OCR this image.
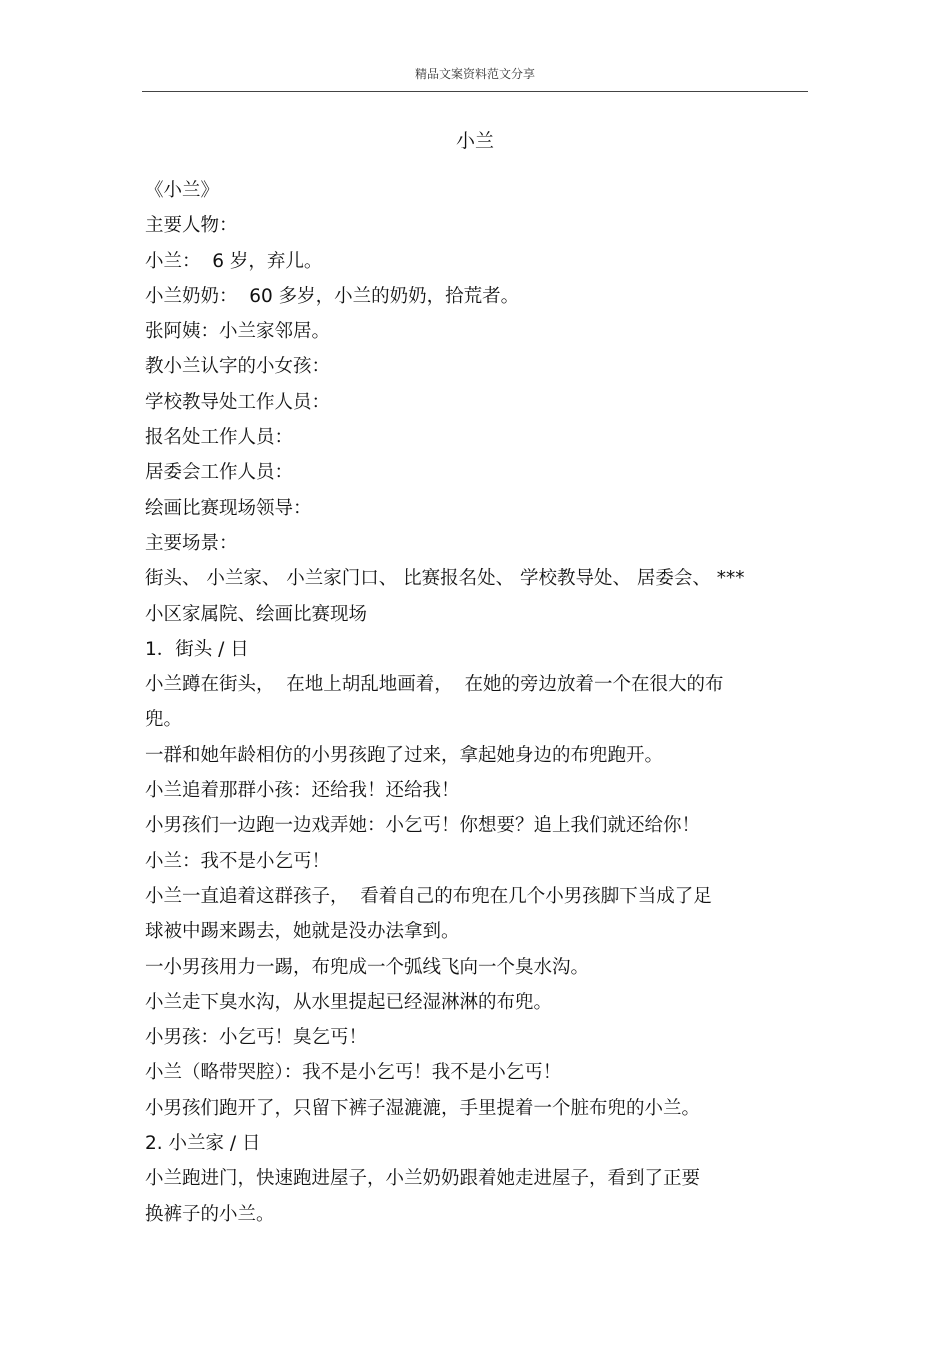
精品文案资料范文分享
小兰
《小兰》
主要人物：
小兰：  6 岁，弃儿。
小兰奶奶：  60 多岁，小兰的奶奶，拾荒者。
张阿姨：小兰家邻居。
教小兰认字的小女孩：
学校教导处工作人员：
报名处工作人员：
居委会工作人员：
绘画比赛现场领导：
主要场景：
街头、 小兰家、 小兰家门口、 比赛报名处、 学校教导处、 居委会、 ***
小区家属院、绘画比赛现场
1．街头 / 日
小兰蹲在街头，  在地上胡乱地画着，  在她的旁边放着一个在很大的布
兜。
一群和她年龄相仿的小男孩跑了过来，拿起她身边的布兜跑开。
小兰追着那群小孩：还给我！还给我！
小男孩们一边跑一边戏弄她：小乞丐！你想要？追上我们就还给你！
小兰：我不是小乞丐！
小兰一直追着这群孩子，  看着自己的布兜在几个小男孩脚下当成了足
球被中踢来踢去，她就是没办法拿到。
一小男孩用力一踢，布兜成一个弧线飞向一个臭水沟。
小兰走下臭水沟，从水里提起已经湿淋淋的布兜。
小男孩：小乞丐！臭乞丐！
小兰（略带哭腔）：我不是小乞丐！我不是小乞丐！
小男孩们跑开了，只留下裤子湿漉漉，手里提着一个脏布兜的小兰。
2. 小兰家 / 日
小兰跑进门，快速跑进屋子，小兰奶奶跟着她走进屋子，看到了正要
换裤子的小兰。
